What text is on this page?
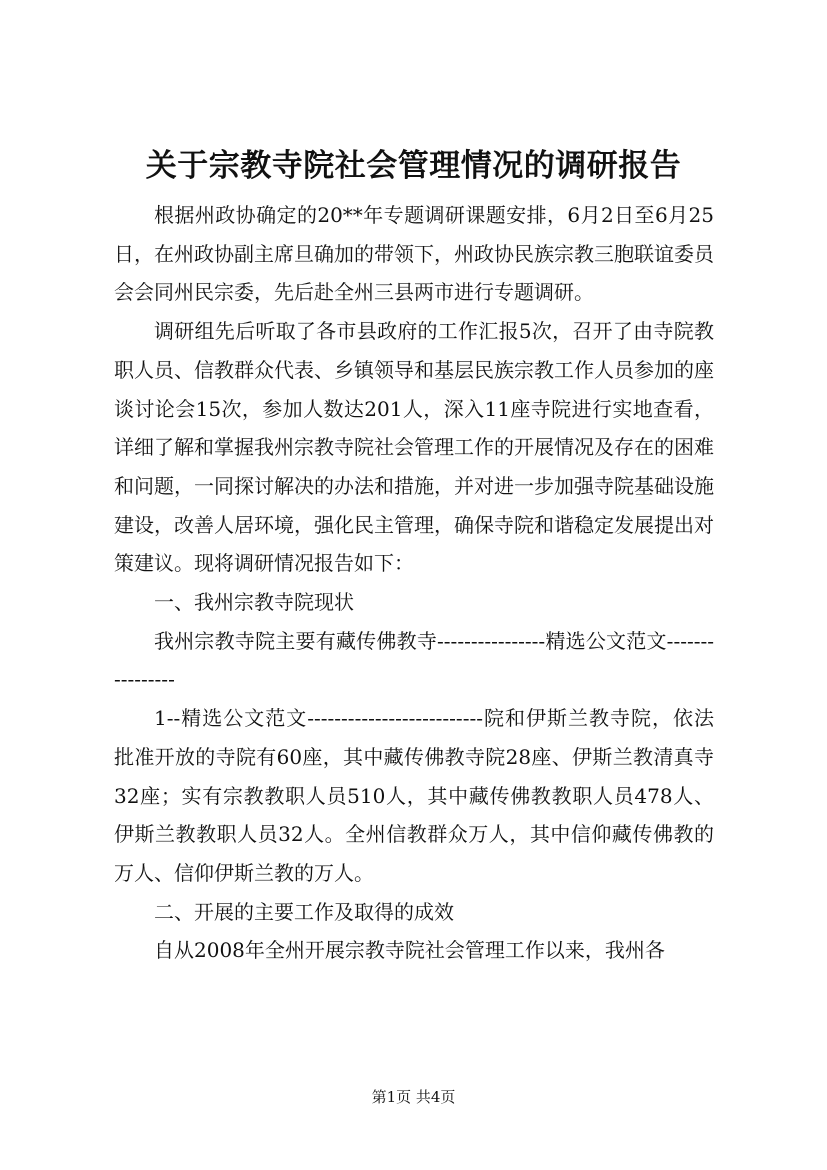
关于宗教寺院社会管理情况的调研报告

根据州政协确定的20**年专题调研课题安排，6月2日至6月25日，在州政协副主席旦确加的带领下，州政协民族宗教三胞联谊委员会会同州民宗委，先后赴全州三县两市进行专题调研。

调研组先后听取了各市县政府的工作汇报5次，召开了由寺院教职人员、信教群众代表、乡镇领导和基层民族宗教工作人员参加的座谈讨论会15次，参加人数达201人，深入11座寺院进行实地查看，详细了解和掌握我州宗教寺院社会管理工作的开展情况及存在的困难和问题，一同探讨解决的办法和措施，并对进一步加强寺院基础设施建设，改善人居环境，强化民主管理，确保寺院和谐稳定发展提出对策建议。现将调研情况报告如下：

一、我州宗教寺院现状

我州宗教寺院主要有藏传佛教寺----------------精选公文范文----------------

1--精选公文范文--------------------------院和伊斯兰教寺院，依法批准开放的寺院有60座，其中藏传佛教寺院28座、伊斯兰教清真寺32座；实有宗教教职人员510人，其中藏传佛教教职人员478人、伊斯兰教教职人员32人。全州信教群众万人，其中信仰藏传佛教的万人、信仰伊斯兰教的万人。

二、开展的主要工作及取得的成效

自从2008年全州开展宗教寺院社会管理工作以来，我州各

第1页 共4页
